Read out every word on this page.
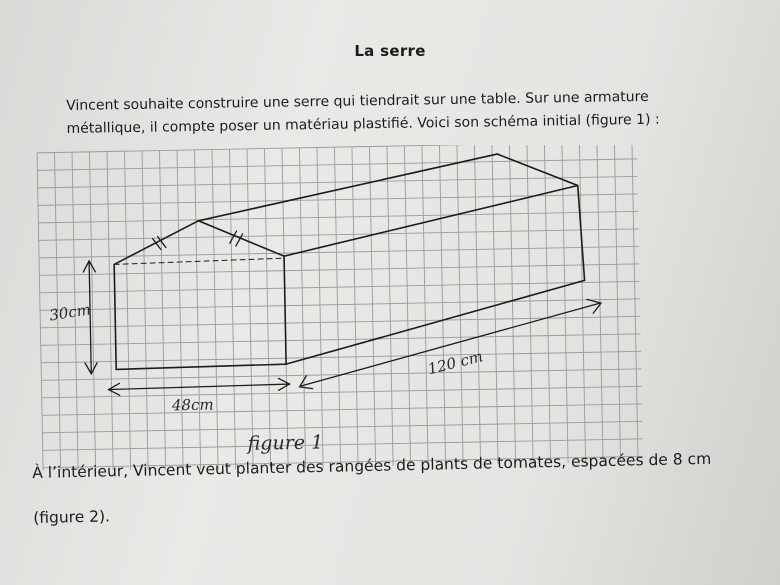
La serre

Vincent souhaite construire une serre qui tiendrait sur une table. Sur une armature

métallique, il compte poser un matériau plastifié. Voici son schéma initial (figure 1) :

30cm
48cm
120 cm
figure 1

À l’intérieur, Vincent veut planter des rangées de plants de tomates, espacées de 8 cm

(figure 2).
